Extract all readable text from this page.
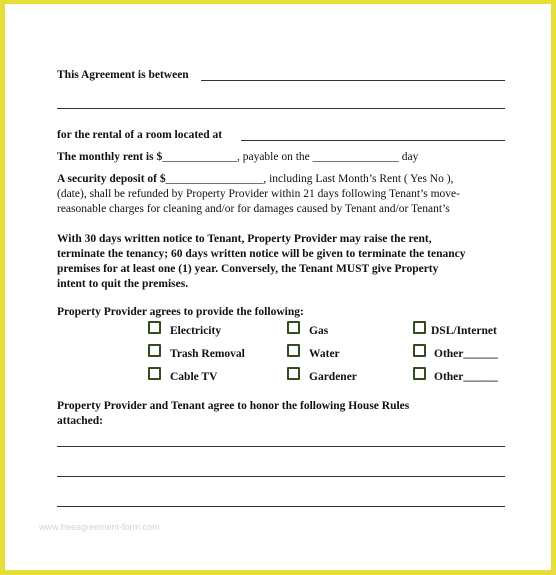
This Agreement is between
for the rental of a room located at
The monthly rent is $_____________, payable on the _______________ day
A security deposit of $_________________, including Last Month’s Rent ( Yes No ),
(date), shall be refunded by Property Provider within 21 days following Tenant’s move-
reasonable charges for cleaning and/or for damages caused by Tenant and/or Tenant’s
With 30 days written notice to Tenant, Property Provider may raise the rent,
terminate the tenancy; 60 days written notice will be given to terminate the tenancy
premises for at least one (1) year. Conversely, the Tenant MUST give Property
intent to quit the premises.
Property Provider agrees to provide the following:
Electricity	Gas	DSL/Internet
Trash Removal	Water	Other______
Cable TV	Gardener	Other______
Property Provider and Tenant agree to honor the following House Rules
attached:
www.freeagreement-form.com
